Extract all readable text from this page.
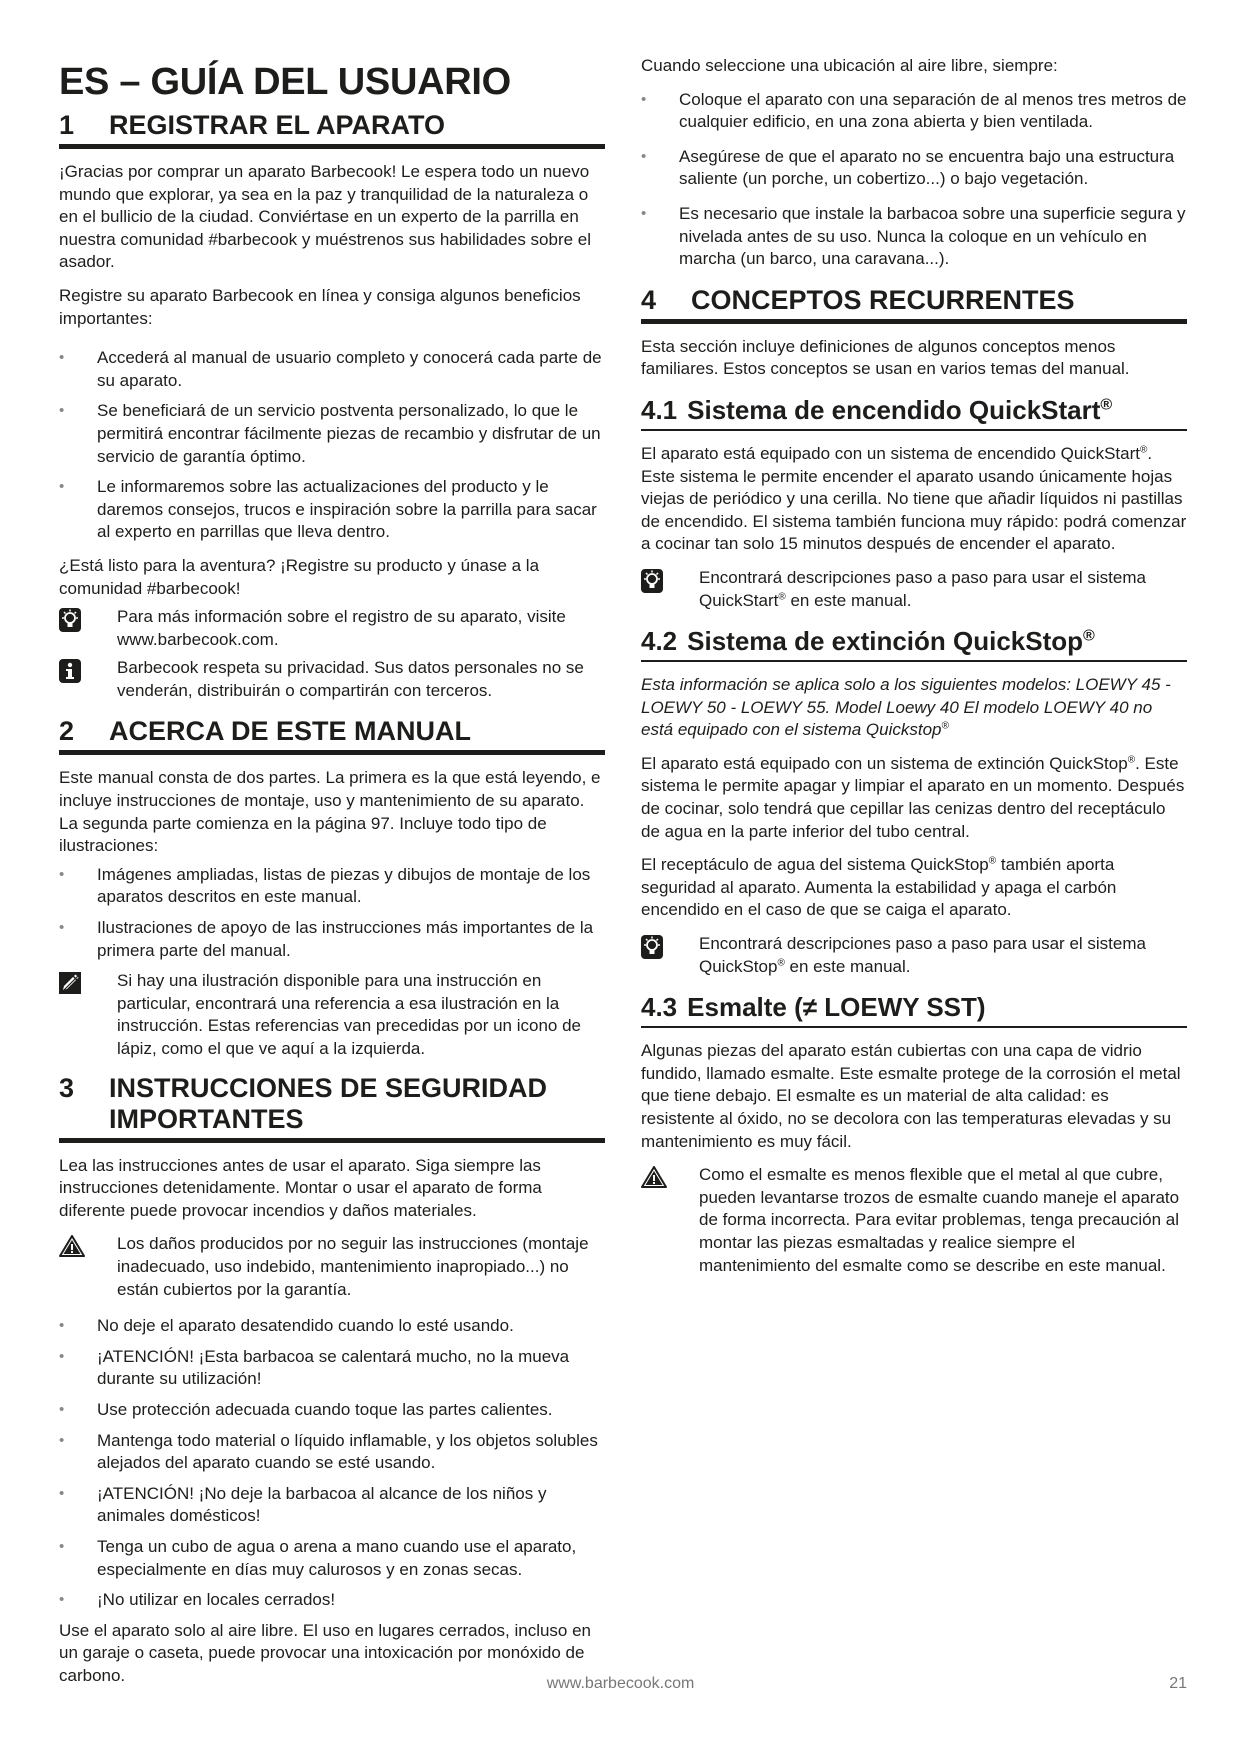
ES – GUÍA DEL USUARIO
1	REGISTRAR EL APARATO

¡Gracias por comprar un aparato Barbecook! Le espera todo un nuevo mundo que explorar, ya sea en la paz y tranquilidad de la naturaleza o en el bullicio de la ciudad. Conviértase en un experto de la parrilla en nuestra comunidad #barbecook y muéstrenos sus habilidades sobre el asador.

Registre su aparato Barbecook en línea y consiga algunos beneficios importantes:

• Accederá al manual de usuario completo y conocerá cada parte de su aparato.
• Se beneficiará de un servicio postventa personalizado, lo que le permitirá encontrar fácilmente piezas de recambio y disfrutar de un servicio de garantía óptimo.
• Le informaremos sobre las actualizaciones del producto y le daremos consejos, trucos e inspiración sobre la parrilla para sacar al experto en parrillas que lleva dentro.

¿Está listo para la aventura? ¡Registre su producto y únase a la comunidad #barbecook!

Para más información sobre el registro de su aparato, visite www.barbecook.com.
Barbecook respeta su privacidad. Sus datos personales no se venderán, distribuirán o compartirán con terceros.
2	ACERCA DE ESTE MANUAL

Este manual consta de dos partes. La primera es la que está leyendo, e incluye instrucciones de montaje, uso y mantenimiento de su aparato. La segunda parte comienza en la página 97. Incluye todo tipo de ilustraciones:

• Imágenes ampliadas, listas de piezas y dibujos de montaje de los aparatos descritos en este manual.
• Ilustraciones de apoyo de las instrucciones más importantes de la primera parte del manual.
Si hay una ilustración disponible para una instrucción en particular, encontrará una referencia a esa ilustración en la instrucción. Estas referencias van precedidas por un icono de lápiz, como el que ve aquí a la izquierda.
3	INSTRUCCIONES DE SEGURIDAD
IMPORTANTES

Lea las instrucciones antes de usar el aparato. Siga siempre las instrucciones detenidamente. Montar o usar el aparato de forma diferente puede provocar incendios y daños materiales.

Los daños producidos por no seguir las instrucciones (montaje inadecuado, uso indebido, mantenimiento inapropiado...) no están cubiertos por la garantía.
• No deje el aparato desatendido cuando lo esté usando.
• ¡ATENCIÓN! ¡Esta barbacoa se calentará mucho, no la mueva durante su utilización!
• Use protección adecuada cuando toque las partes calientes.
• Mantenga todo material o líquido inflamable, y los objetos solubles alejados del aparato cuando se esté usando.
• ¡ATENCIÓN! ¡No deje la barbacoa al alcance de los niños y animales domésticos!
• Tenga un cubo de agua o arena a mano cuando use el aparato, especialmente en días muy calurosos y en zonas secas.
• ¡No utilizar en locales cerrados!

Use el aparato solo al aire libre. El uso en lugares cerrados, incluso en un garaje o caseta, puede provocar una intoxicación por monóxido de carbono.

Cuando seleccione una ubicación al aire libre, siempre:

• Coloque el aparato con una separación de al menos tres metros de cualquier edificio, en una zona abierta y bien ventilada.
• Asegúrese de que el aparato no se encuentra bajo una estructura saliente (un porche, un cobertizo...) o bajo vegetación.
• Es necesario que instale la barbacoa sobre una superficie segura y nivelada antes de su uso. Nunca la coloque en un vehículo en marcha (un barco, una caravana...).
4	CONCEPTOS RECURRENTES

Esta sección incluye definiciones de algunos conceptos menos familiares. Estos conceptos se usan en varios temas del manual.

4.1 Sistema de encendido QuickStart®

El aparato está equipado con un sistema de encendido QuickStart®. Este sistema le permite encender el aparato usando únicamente hojas viejas de periódico y una cerilla. No tiene que añadir líquidos ni pastillas de encendido. El sistema también funciona muy rápido: podrá comenzar a cocinar tan solo 15 minutos después de encender el aparato.

Encontrará descripciones paso a paso para usar el sistema QuickStart® en este manual.
4.2 Sistema de extinción QuickStop®

Esta información se aplica solo a los siguientes modelos: LOEWY 45 - LOEWY 50 - LOEWY 55. Model Loewy 40 El modelo LOEWY 40 no está equipado con el sistema Quickstop®

El aparato está equipado con un sistema de extinción QuickStop®. Este sistema le permite apagar y limpiar el aparato en un momento. Después de cocinar, solo tendrá que cepillar las cenizas dentro del receptáculo de agua en la parte inferior del tubo central.

El receptáculo de agua del sistema QuickStop® también aporta seguridad al aparato. Aumenta la estabilidad y apaga el carbón encendido en el caso de que se caiga el aparato.

Encontrará descripciones paso a paso para usar el sistema QuickStop® en este manual.
4.3 Esmalte (≠ LOEWY SST)

Algunas piezas del aparato están cubiertas con una capa de vidrio fundido, llamado esmalte. Este esmalte protege de la corrosión el metal que tiene debajo. El esmalte es un material de alta calidad: es resistente al óxido, no se decolora con las temperaturas elevadas y su mantenimiento es muy fácil.

Como el esmalte es menos flexible que el metal al que cubre, pueden levantarse trozos de esmalte cuando maneje el aparato de forma incorrecta. Para evitar problemas, tenga precaución al montar las piezas esmaltadas y realice siempre el mantenimiento del esmalte como se describe en este manual.
www.barbecook.com	21
